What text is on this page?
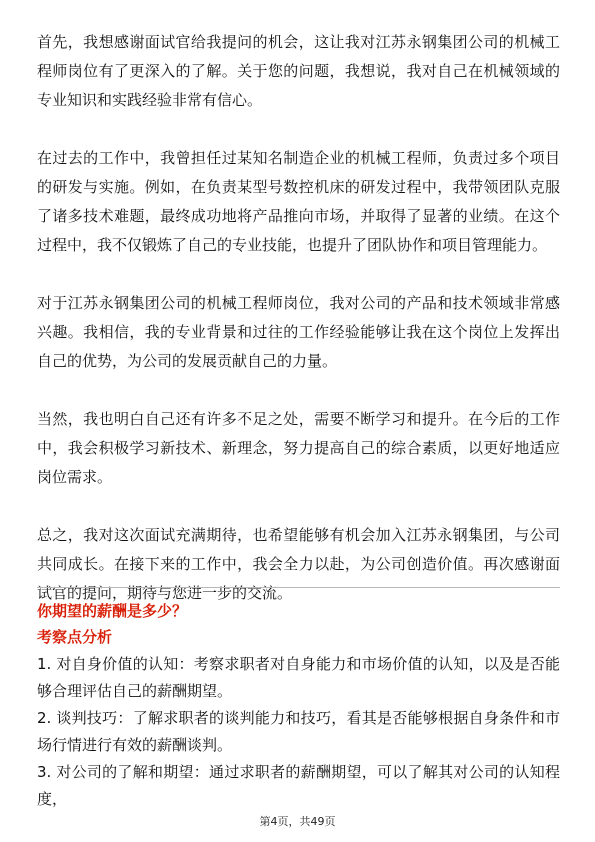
首先，我想感谢面试官给我提问的机会，这让我对江苏永钢集团公司的机械工程师岗位有了更深入的了解。关于您的问题，我想说，我对自己在机械领域的专业知识和实践经验非常有信心。

在过去的工作中，我曾担任过某知名制造企业的机械工程师，负责过多个项目的研发与实施。例如，在负责某型号数控机床的研发过程中，我带领团队克服了诸多技术难题，最终成功地将产品推向市场，并取得了显著的业绩。在这个过程中，我不仅锻炼了自己的专业技能，也提升了团队协作和项目管理能力。

对于江苏永钢集团公司的机械工程师岗位，我对公司的产品和技术领域非常感兴趣。我相信，我的专业背景和过往的工作经验能够让我在这个岗位上发挥出自己的优势，为公司的发展贡献自己的力量。

当然，我也明白自己还有许多不足之处，需要不断学习和提升。在今后的工作中，我会积极学习新技术、新理念，努力提高自己的综合素质，以更好地适应岗位需求。

总之，我对这次面试充满期待，也希望能够有机会加入江苏永钢集团，与公司共同成长。在接下来的工作中，我会全力以赴，为公司创造价值。再次感谢面试官的提问，期待与您进一步的交流。

你期望的薪酬是多少？

考察点分析

1. 对自身价值的认知：考察求职者对自身能力和市场价值的认知，以及是否能够合理评估自己的薪酬期望。

2. 谈判技巧：了解求职者的谈判能力和技巧，看其是否能够根据自身条件和市场行情进行有效的薪酬谈判。

3. 对公司的了解和期望：通过求职者的薪酬期望，可以了解其对公司的认知程度，

第4页，共49页
